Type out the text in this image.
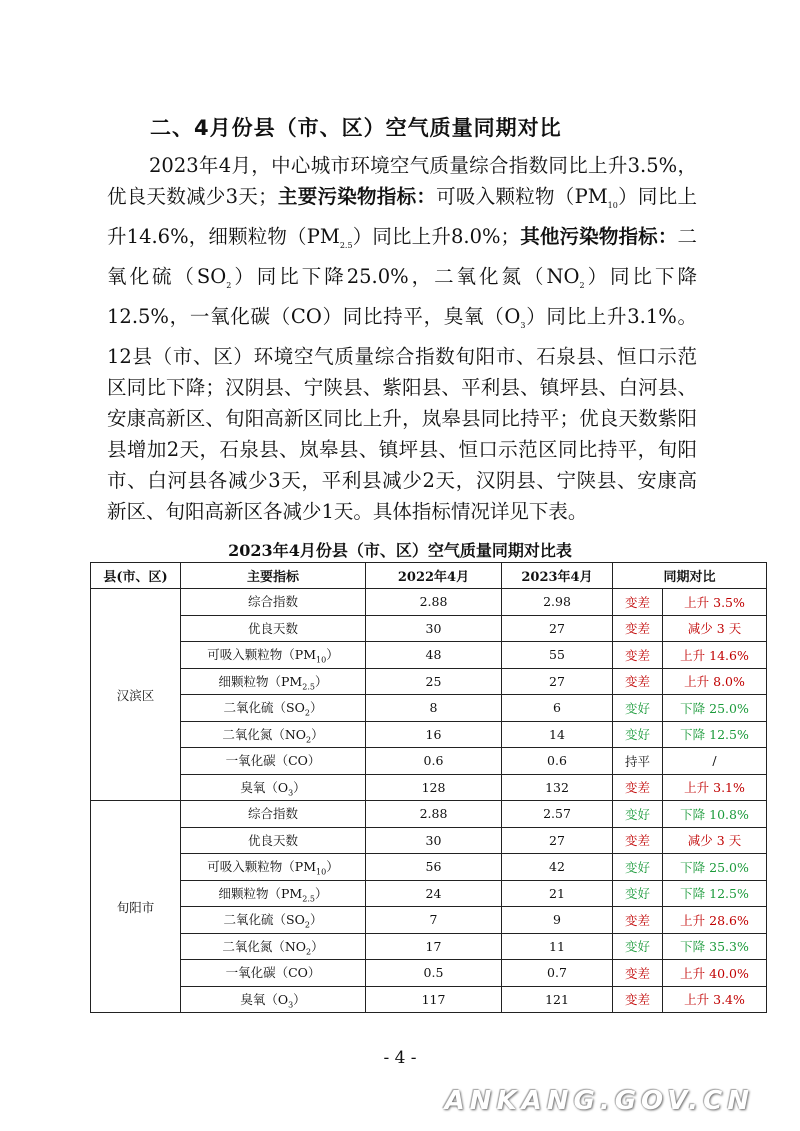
二、4月份县（市、区）空气质量同期对比

2023年4月，中心城市环境空气质量综合指数同比上升3.5%，优良天数减少3天；主要污染物指标：可吸入颗粒物$(PM_{10})$同比上升14.6%，细颗粒物$(PM_{2.5})$同比上升8.0%；其他污染物指标：二氧化硫$(SO_2)$同比下降25.0%，二氧化氮$(NO_2)$同比下降12.5%，一氧化碳（CO）同比持平，臭氧$(O_3)$同比上升3.1%。12县（市、区）环境空气质量综合指数旬阳市、石泉县、恒口示范区同比下降；汉阴县、宁陕县、紫阳县、平利县、镇坪县、白河县、安康高新区、旬阳高新区同比上升，岚皋县同比持平；优良天数紫阳县增加2天，石泉县、岚皋县、镇坪县、恒口示范区同比持平，旬阳市、白河县各减少3天，平利县减少2天，汉阴县、宁陕县、安康高新区、旬阳高新区各减少1天。具体指标情况详见下表。

2023年4月份县（市、区）空气质量同期对比表
县(市、区)	主要指标	2022年4月	2023年4月	同期对比	
汉滨区	综合指数	2.88	2.98	变差	上升 3.5%
	优良天数	30	27	变差	减少 3 天
	可吸入颗粒物$(PM_{10})$	48	55	变差	上升 14.6%
	细颗粒物$(PM_{2.5})$	25	27	变差	上升 8.0%
	二氧化硫$(SO_2)$	8	6	变好	下降 25.0%
	二氧化氮$(NO_2)$	16	14	变好	下降 12.5%
	一氧化碳（CO）	0.6	0.6	持平	/
	臭氧$(O_3)$	128	132	变差	上升 3.1%
旬阳市	综合指数	2.88	2.57	变好	下降 10.8%
	优良天数	30	27	变差	减少 3 天
	可吸入颗粒物$(PM_{10})$	56	42	变好	下降 25.0%
	细颗粒物$(PM_{2.5})$	24	21	变好	下降 12.5%
	二氧化硫$(SO_2)$	7	9	变差	上升 28.6%
	二氧化氮$(NO_2)$	17	11	变好	下降 35.3%
	一氧化碳（CO）	0.5	0.7	变差	上升 40.0%
	臭氧$(O_3)$	117	121	变差	上升 3.4%
- 4 -
ANKANG.GOV.CN
